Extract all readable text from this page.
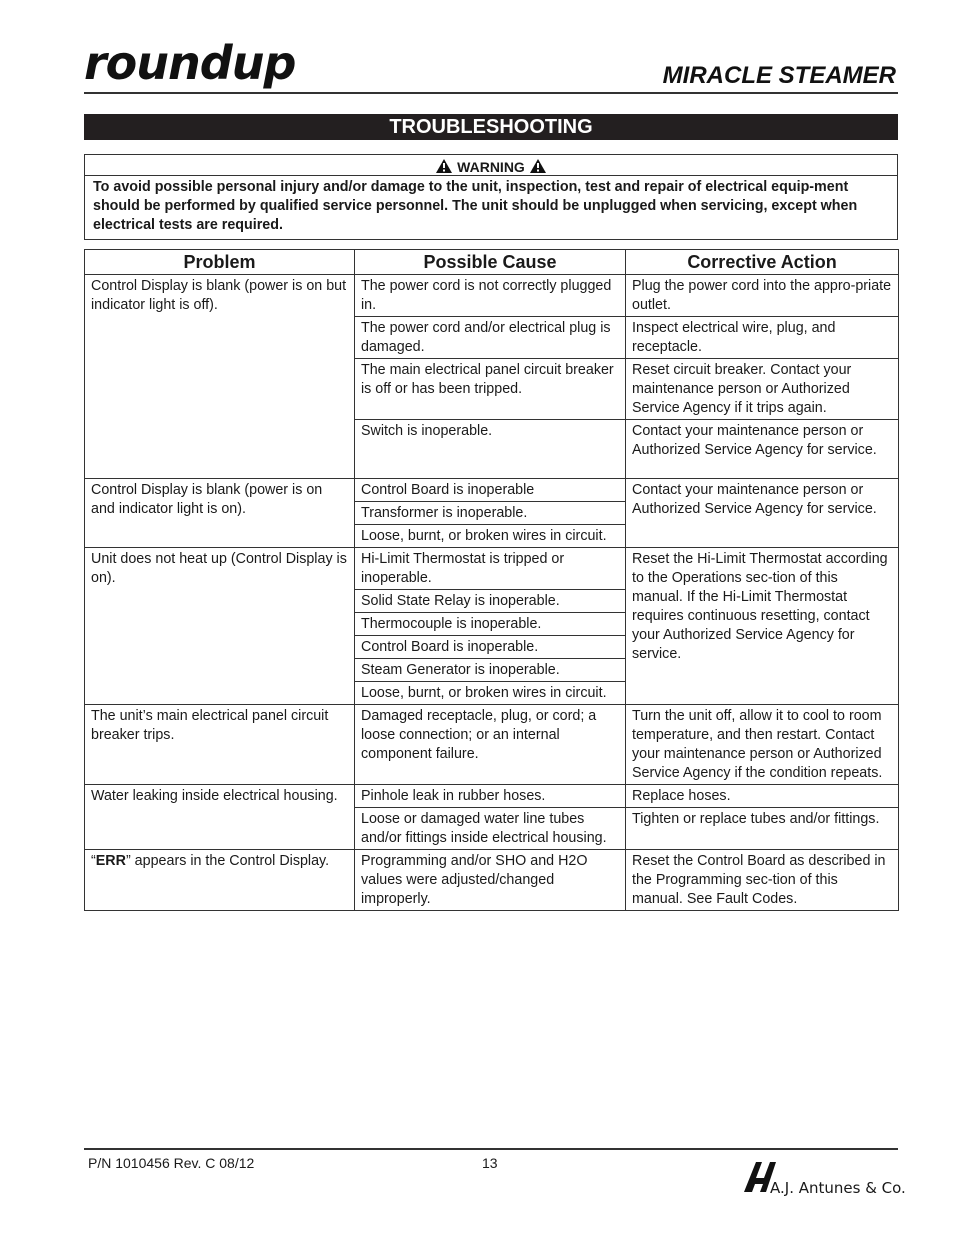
roundup	MIRACLE STEAMER
TROUBLESHOOTING
WARNING
To avoid possible personal injury and/or damage to the unit, inspection, test and repair of electrical equip-ment should be performed by qualified service personnel. The unit should be unplugged when servicing, except when electrical tests are required.
Problem	Possible Cause	Corrective Action
Control Display is blank (power is on but indicator light is off).	The power cord is not correctly plugged in.	Plug the power cord into the appro-priate outlet.
	The power cord and/or electrical plug is damaged.	Inspect electrical wire, plug, and receptacle.
	The main electrical panel circuit breaker is off or has been tripped.	Reset circuit breaker. Contact your maintenance person or Authorized Service Agency if it trips again.
	Switch is inoperable.	Contact your maintenance person or Authorized Service Agency for service.
Control Display is blank (power is on and indicator light is on).	Control Board is inoperable	Contact your maintenance person or Authorized Service Agency for service.
	Transformer is inoperable.	
	Loose, burnt, or broken wires in circuit.	
Unit does not heat up (Control Display is on).	Hi-Limit Thermostat is tripped or inoperable.	Reset the Hi-Limit Thermostat according to the Operations sec-tion of this manual. If the Hi-Limit Thermostat requires continuous resetting, contact your Authorized Service Agency for service.
	Solid State Relay is inoperable.	
	Thermocouple is inoperable.	
	Control Board is inoperable.	
	Steam Generator is inoperable.	
	Loose, burnt, or broken wires in circuit.	
The unit’s main electrical panel circuit breaker trips.	Damaged receptacle, plug, or cord; a loose connection; or an internal component failure.	Turn the unit off, allow it to cool to room temperature, and then restart. Contact your maintenance person or Authorized Service Agency if the condition repeats.
Water leaking inside electrical housing.	Pinhole leak in rubber hoses.	Replace hoses.
	Loose or damaged water line tubes and/or fittings inside electrical housing.	Tighten or replace tubes and/or fittings.
“ERR” appears in the Control Display.	Programming and/or SHO and H2O values were adjusted/changed improperly.	Reset the Control Board as described in the Programming sec-tion of this manual. See Fault Codes.
P/N 1010456 Rev. C 08/12	13
A.J. Antunes & Co.
